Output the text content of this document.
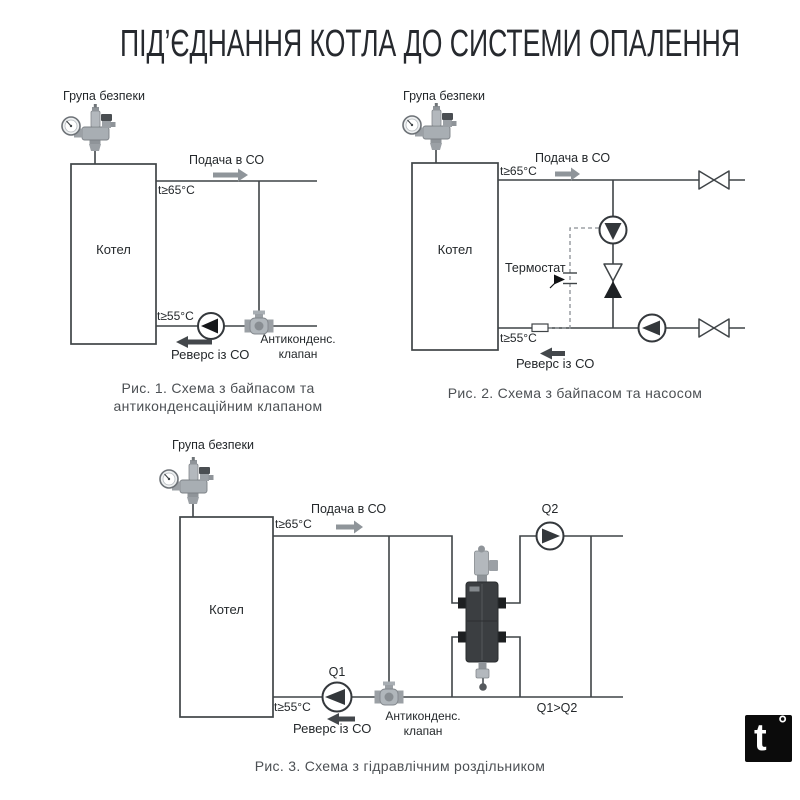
ПІД’ЄДНАННЯ КОТЛА ДО СИСТЕМИ ОПАЛЕННЯ
Група безпеки
Подача в СО
t≥65°C
Котел
t≥55°C
Реверс із СО
Антиконденс.
клапан
Рис. 1. Схема з байпасом та
антиконденсаційним клапаном
Група безпеки
Подача в СО
t≥65°C
Котел
Термостат
t≥55°C
Реверс із СО
Рис. 2. Схема з байпасом та насосом
Група безпеки
Подача в СО
t≥65°C
Котел
Q2
Q1
Q1>Q2
t≥55°C
Реверс із СО
Антиконденс.
клапан
Рис. 3. Схема з гідравлічним роздільником
t °
